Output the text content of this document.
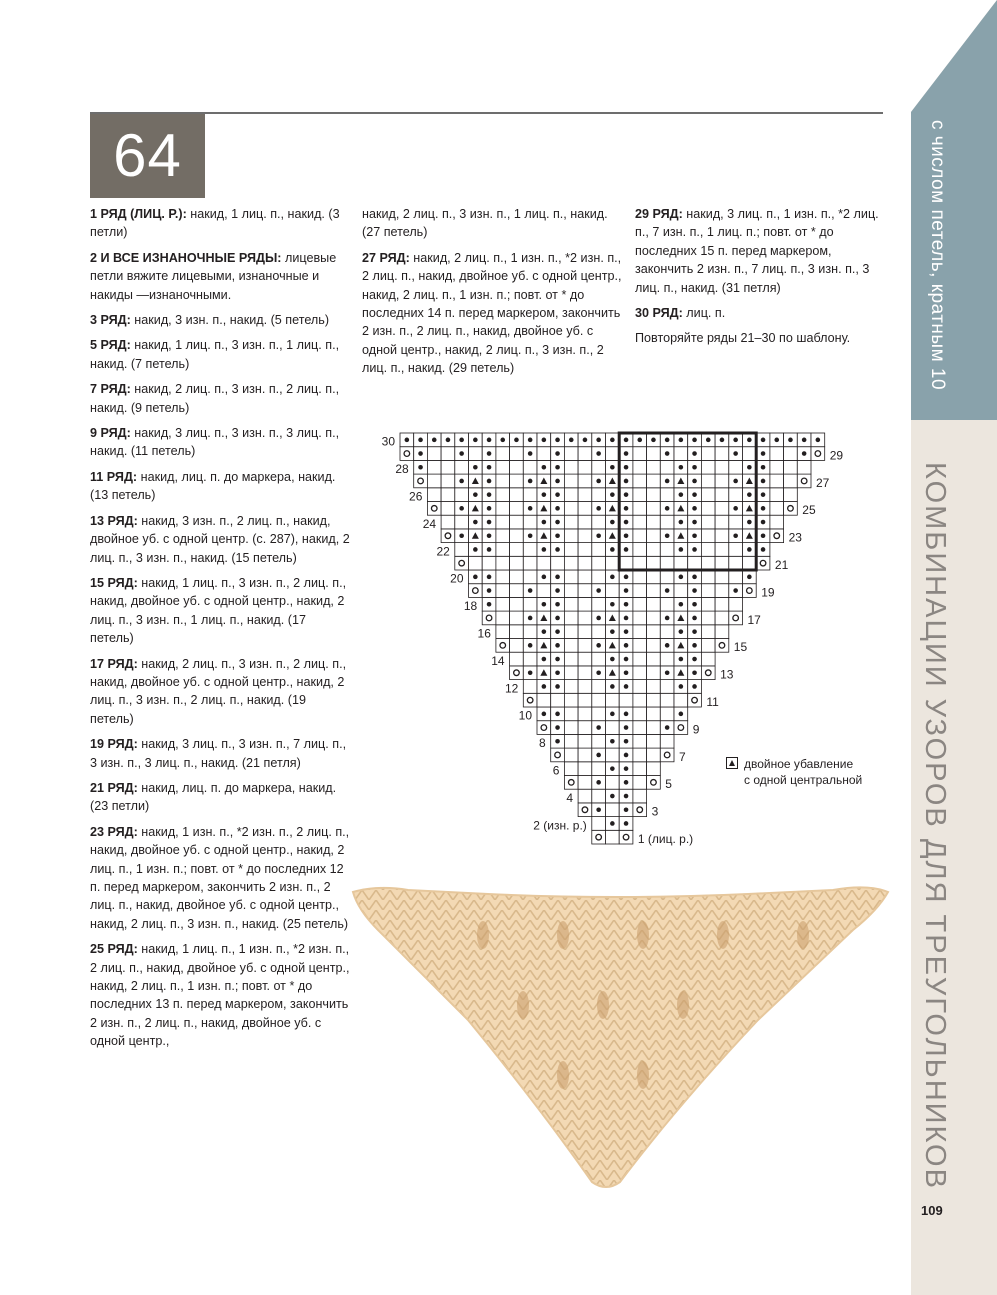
с числом петель, кратным 10
КОМБИНАЦИИ УЗОРОВ ДЛЯ ТРЕУГОЛЬНИКОВ
64

1 РЯД (ЛИЦ. Р.): накид, 1 лиц. п., накид. (3 петли)

2 И ВСЕ ИЗНАНОЧНЫЕ РЯДЫ: лицевые петли вяжите лицевыми, изнаночные и накиды —изнаночными.

3 РЯД: накид, 3 изн. п., накид. (5 петель)

5 РЯД: накид, 1 лиц. п., 3 изн. п., 1 лиц. п., накид. (7 петель)

7 РЯД: накид, 2 лиц. п., 3 изн. п., 2 лиц. п., накид. (9 петель)

9 РЯД: накид, 3 лиц. п., 3 изн. п., 3 лиц. п., накид. (11 петель)

11 РЯД: накид, лиц. п. до маркера, накид. (13 петель)

13 РЯД: накид, 3 изн. п., 2 лиц. п., накид, двойное уб. с одной центр. (с. 287), накид, 2 лиц. п., 3 изн. п., накид. (15 петель)

15 РЯД: накид, 1 лиц. п., 3 изн. п., 2 лиц. п., накид, двойное уб. с одной центр., накид, 2 лиц. п., 3 изн. п., 1 лиц. п., накид. (17 петель)

17 РЯД: накид, 2 лиц. п., 3 изн. п., 2 лиц. п., накид, двойное уб. с одной центр., накид, 2 лиц. п., 3 изн. п., 2 лиц. п., накид. (19 петель)

19 РЯД: накид, 3 лиц. п., 3 изн. п., 7 лиц. п., 3 изн. п., 3 лиц. п., накид. (21 петля)

21 РЯД: накид, лиц. п. до маркера, накид. (23 петли)

23 РЯД: накид, 1 изн. п., *2 изн. п., 2 лиц. п., накид, двойное уб. с одной центр., накид, 2 лиц. п., 1 изн. п.; повт. от * до последних 12 п. перед маркером, закончить 2 изн. п., 2 лиц. п., накид, двойное уб. с одной центр., накид, 2 лиц. п., 3 изн. п., накид. (25 петель)

25 РЯД: накид, 1 лиц. п., 1 изн. п., *2 изн. п., 2 лиц. п., накид, двойное уб. с одной центр., накид, 2 лиц. п., 1 изн. п.; повт. от * до последних 13 п. перед маркером, закончить 2 изн. п., 2 лиц. п., накид, двойное уб. с одной центр.,

накид, 2 лиц. п., 3 изн. п., 1 лиц. п., накид. (27 петель)

27 РЯД: накид, 2 лиц. п., 1 изн. п., *2 изн. п., 2 лиц. п., накид, двойное уб. с одной центр., накид, 2 лиц. п., 1 изн. п.; повт. от * до последних 14 п. перед маркером, закончить 2 изн. п., 2 лиц. п., накид, двойное уб. с одной центр., накид, 2 лиц. п., 3 изн. п., 2 лиц. п., накид. (29 петель)

29 РЯД: накид, 3 лиц. п., 1 изн. п., *2 лиц. п., 7 изн. п., 1 лиц. п.; повт. от * до последних 15 п. перед маркером, закончить 2 изн. п., 7 лиц. п., 3 изн. п., 3 лиц. п., накид. (31 петля)

30 РЯД: лиц. п.

Повторяйте ряды 21–30 по шаблону.

1 (лиц. р.)
2 (изн. р.)
3
4
5
6
7
8
9
10
11
12
13
14
15
16
17
18
19
20
21
22
23
24
25
26
27
28
29
30
двойное убавление
с одной центральной
109
